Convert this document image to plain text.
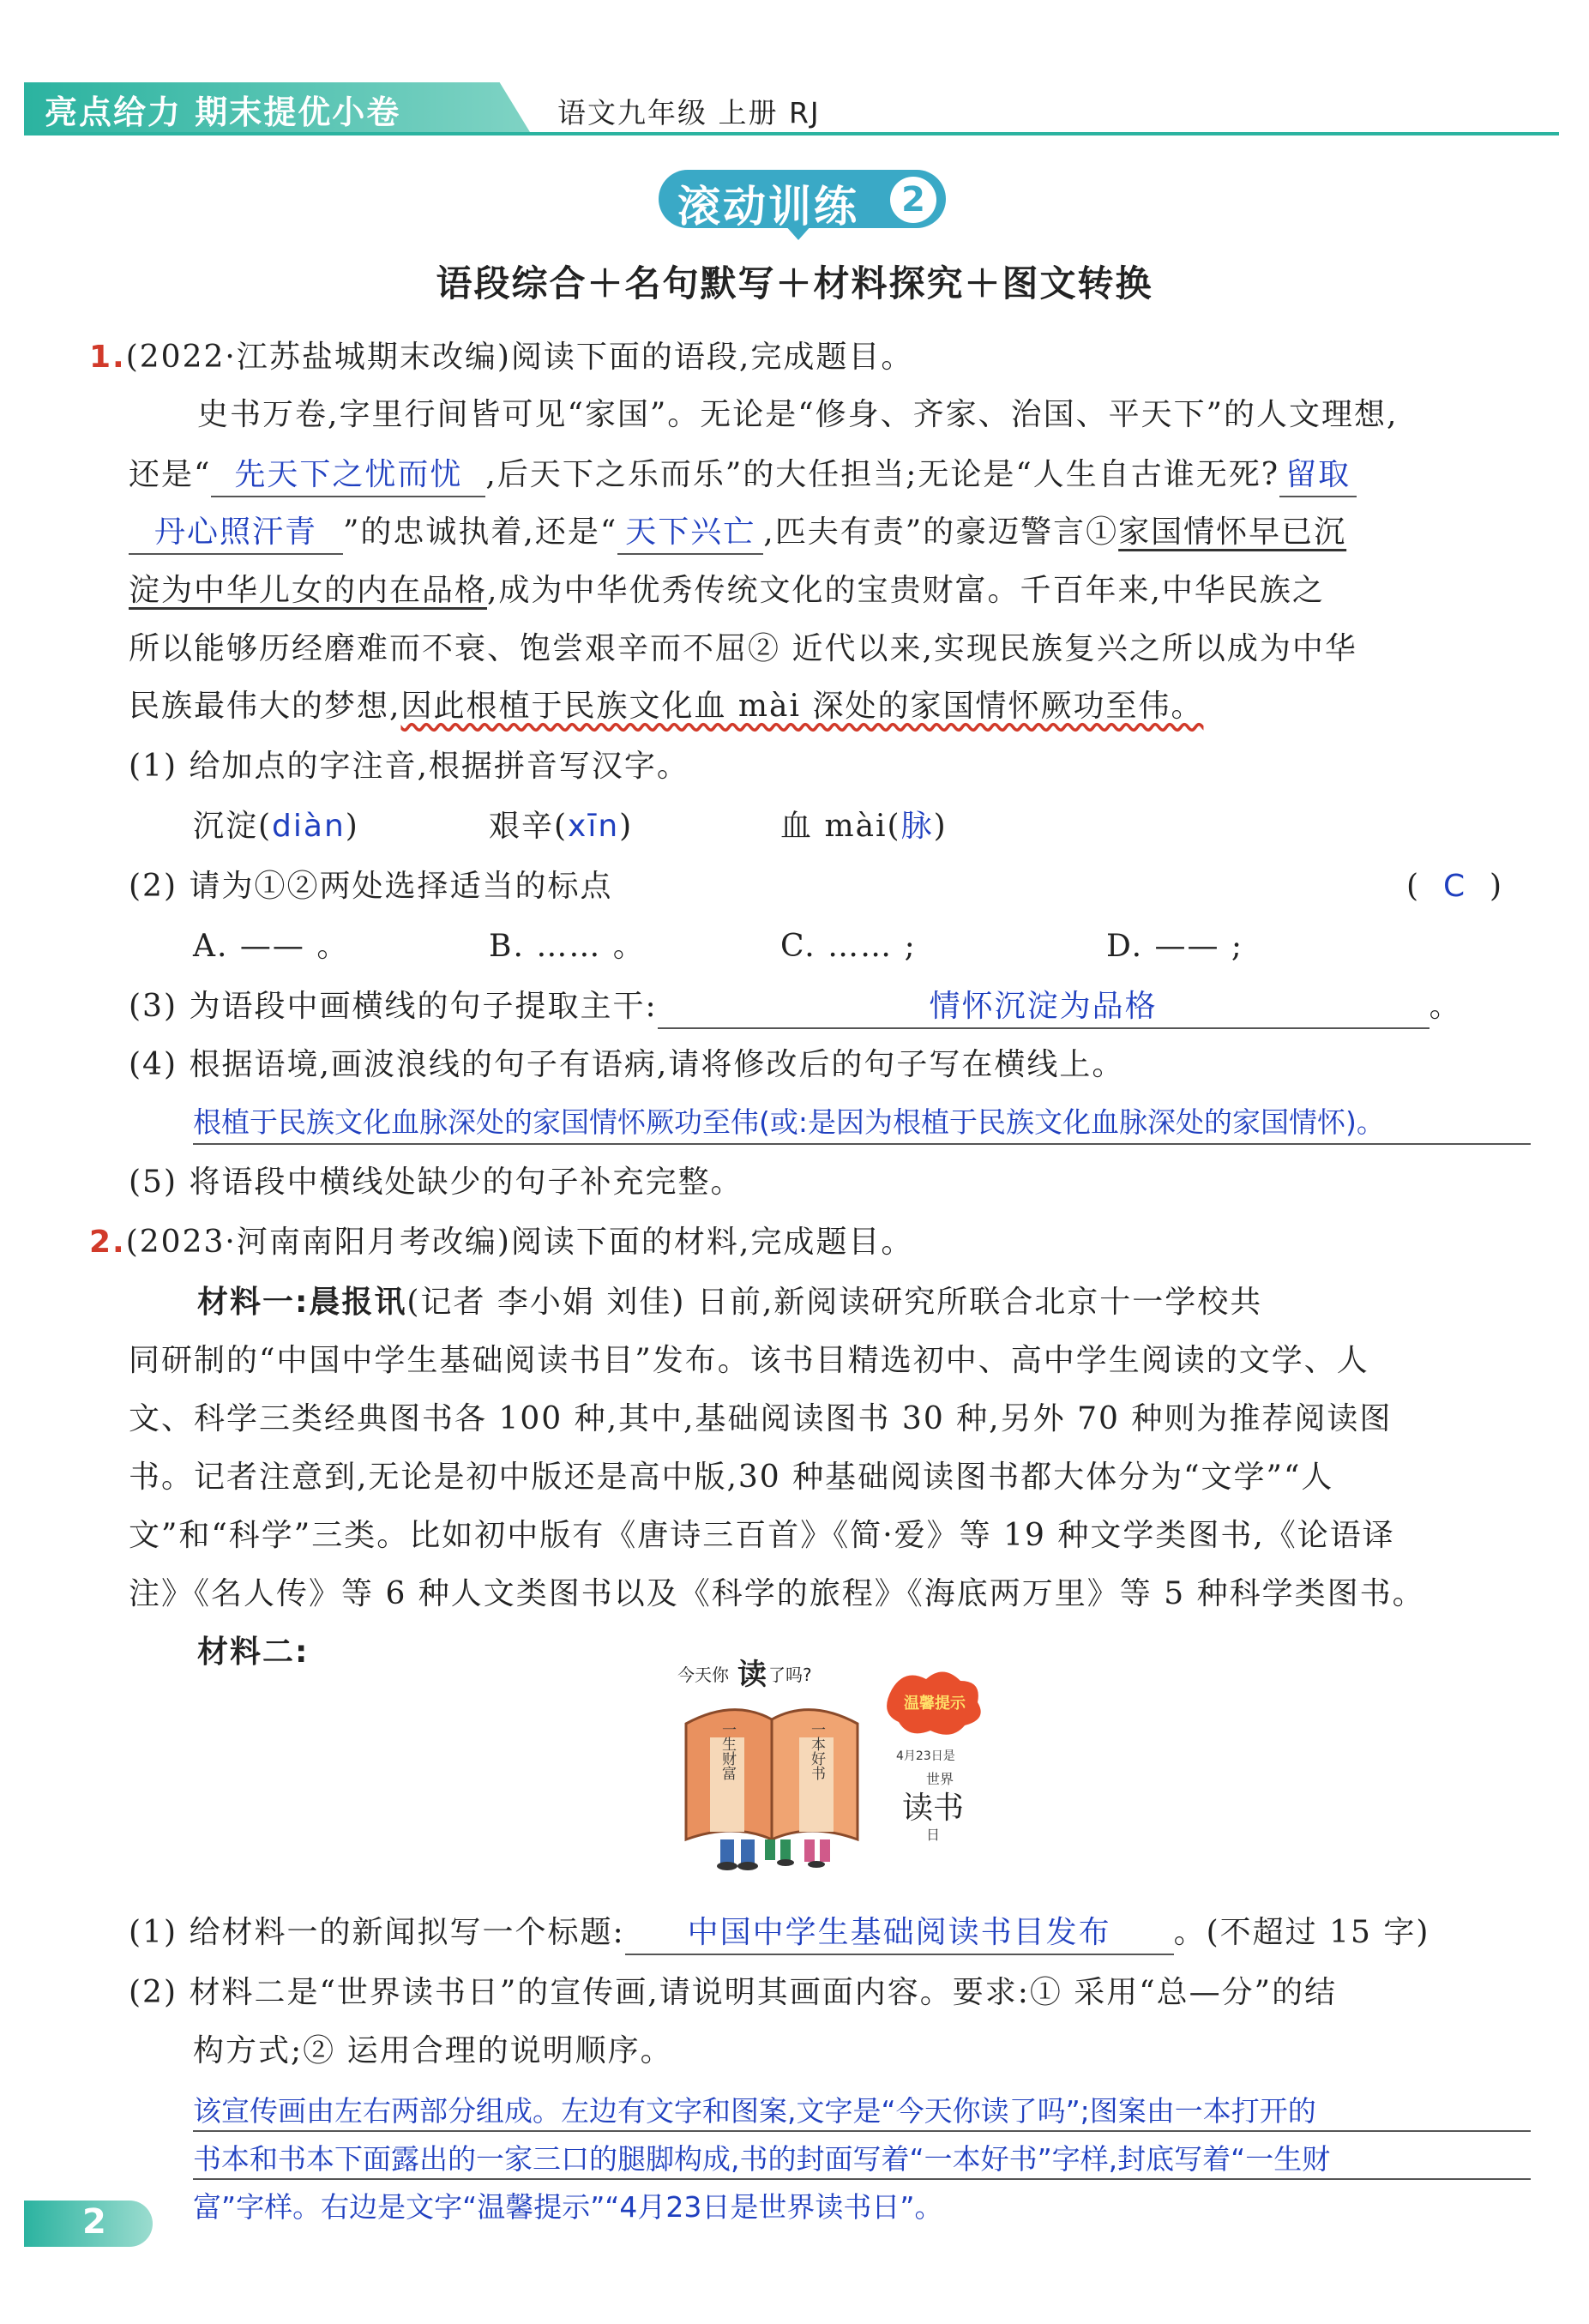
亮点给力 期末提优小卷	语文九年级 上册 RJ
滚动训练	2
语段综合＋名句默写＋材料探究＋图文转换
1.(2022·江苏盐城期末改编)阅读下面的语段,完成题目。
史书万卷,字里行间皆可见“家国”。无论是“修身、齐家、治国、平天下”的人文理想,
还是“ 先天下之忧而忧 ,后天下之乐而乐”的大任担当;无论是“人生自古谁无死? 留取
丹心照汗青 ”的忠诚执着,还是“ 天下兴亡 ,匹夫有责”的豪迈警言①家国情怀早已沉
淀为中华儿女的内在品格,成为中华优秀传统文化的宝贵财富。千百年来,中华民族之
所以能够历经磨难而不衰、饱尝艰辛而不屈② 近代以来,实现民族复兴之所以成为中华
民族最伟大的梦想,因此根植于民族文化血 mài 深处的家国情怀厥功至伟。
(1) 给加点的字注音,根据拼音写汉字。
沉淀(diàn)	艰辛(xīn)	血 mài(脉)
(2) 请为①②两处选择适当的标点	(  C  )
A. —— 。	B. …… 。	C. …… ;	D. —— ;
(3) 为语段中画横线的句子提取主干:	情怀沉淀为品格	。
(4) 根据语境,画波浪线的句子有语病,请将修改后的句子写在横线上。
根植于民族文化血脉深处的家国情怀厥功至伟(或:是因为根植于民族文化血脉深处的家国情怀)。
(5) 将语段中横线处缺少的句子补充完整。
2.(2023·河南南阳月考改编)阅读下面的材料,完成题目。
材料一:晨报讯(记者 李小娟 刘佳) 日前,新阅读研究所联合北京十一学校共
同研制的“中国中学生基础阅读书目”发布。该书目精选初中、高中学生阅读的文学、人
文、科学三类经典图书各 100 种,其中,基础阅读图书 30 种,另外 70 种则为推荐阅读图
书。记者注意到,无论是初中版还是高中版,30 种基础阅读图书都大体分为“文学”“人
文”和“科学”三类。比如初中版有《唐诗三百首》《简·爱》等 19 种文学类图书,《论语译
注》《名人传》等 6 种人文类图书以及《科学的旅程》《海底两万里》等 5 种科学类图书。
材料二:
今天你 读 了吗?
一生财富	一本好书
温馨提示
4月23日是
世界
读书
日
(1) 给材料一的新闻拟写一个标题: 中国中学生基础阅读书目发布 。(不超过 15 字)
(2) 材料二是“世界读书日”的宣传画,请说明其画面内容。要求:① 采用“总—分”的结
构方式;② 运用合理的说明顺序。
该宣传画由左右两部分组成。左边有文字和图案,文字是“今天你读了吗”;图案由一本打开的
书本和书本下面露出的一家三口的腿脚构成,书的封面写着“一本好书”字样,封底写着“一生财
富”字样。右边是文字“温馨提示”“4月23日是世界读书日”。
2
